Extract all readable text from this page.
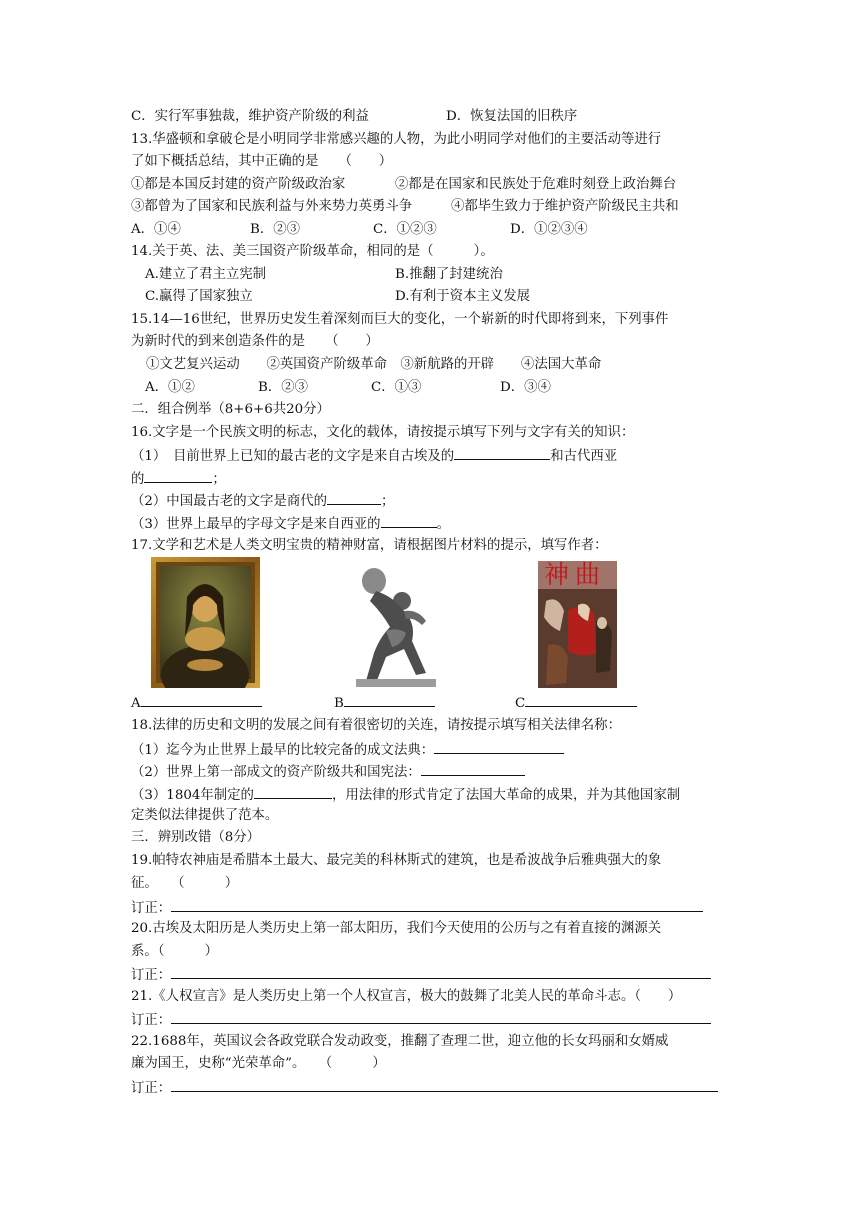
C．实行军事独裁，维护资产阶级的利益	D．恢复法国的旧秩序
13.华盛顿和拿破仑是小明同学非常感兴趣的人物，为此小明同学对他们的主要活动等进行
了如下概括总结，其中正确的是　　（　　）
①都是本国反封建的资产阶级政治家	②都是在国家和民族处于危难时刻登上政治舞台
③都曾为了国家和民族利益与外来势力英勇斗争	④都毕生致力于维护资产阶级民主共和
A．①④	B．②③	C．①②③	D．①②③④
14.关于英、法、美三国资产阶级革命，相同的是（　　　）。
A.建立了君主立宪制	B.推翻了封建统治
C.赢得了国家独立	D.有利于资本主义发展
15.14—16世纪，世界历史发生着深刻而巨大的变化，一个崭新的时代即将到来，下列事件
为新时代的到来创造条件的是　　（　　）
①文艺复兴运动　　②英国资产阶级革命　③新航路的开辟　　④法国大革命
A．①②	B．②③	C．①③	D．③④
二．组合例举（8+6+6共20分）
16.文字是一个民族文明的标志，文化的载体，请按提示填写下列与文字有关的知识：
（1）　目前世界上已知的最古老的文字是来自古埃及的	和古代西亚
的	；
（2）中国最古老的文字是商代的	；
（3）世界上最早的字母文字是来自西亚的	。
17.文学和艺术是人类文明宝贵的精神财富，请根据图片材料的提示，填写作者：
神曲
A	B	C
18.法律的历史和文明的发展之间有着很密切的关连，请按提示填写相关法律名称：
（1）迄今为止世界上最早的比较完备的成文法典：
（2）世界上第一部成文的资产阶级共和国宪法：
（3）1804年制定的	，用法律的形式肯定了法国大革命的成果，并为其他国家制
定类似法律提供了范本。
三．辨别改错（8分）
19.帕特农神庙是希腊本土最大、最完美的科林斯式的建筑，也是希波战争后雅典强大的象
征。　　（　　　）
订正：
20.古埃及太阳历是人类历史上第一部太阳历，我们今天使用的公历与之有着直接的渊源关
系。（　　　）
订正：
21.《人权宣言》是人类历史上第一个人权宣言，极大的鼓舞了北美人民的革命斗志。（　　）
订正：
22.1688年，英国议会各政党联合发动政变，推翻了查理二世，迎立他的长女玛丽和女婿威
廉为国王，史称“光荣革命”。　　（　　　）
订正：
